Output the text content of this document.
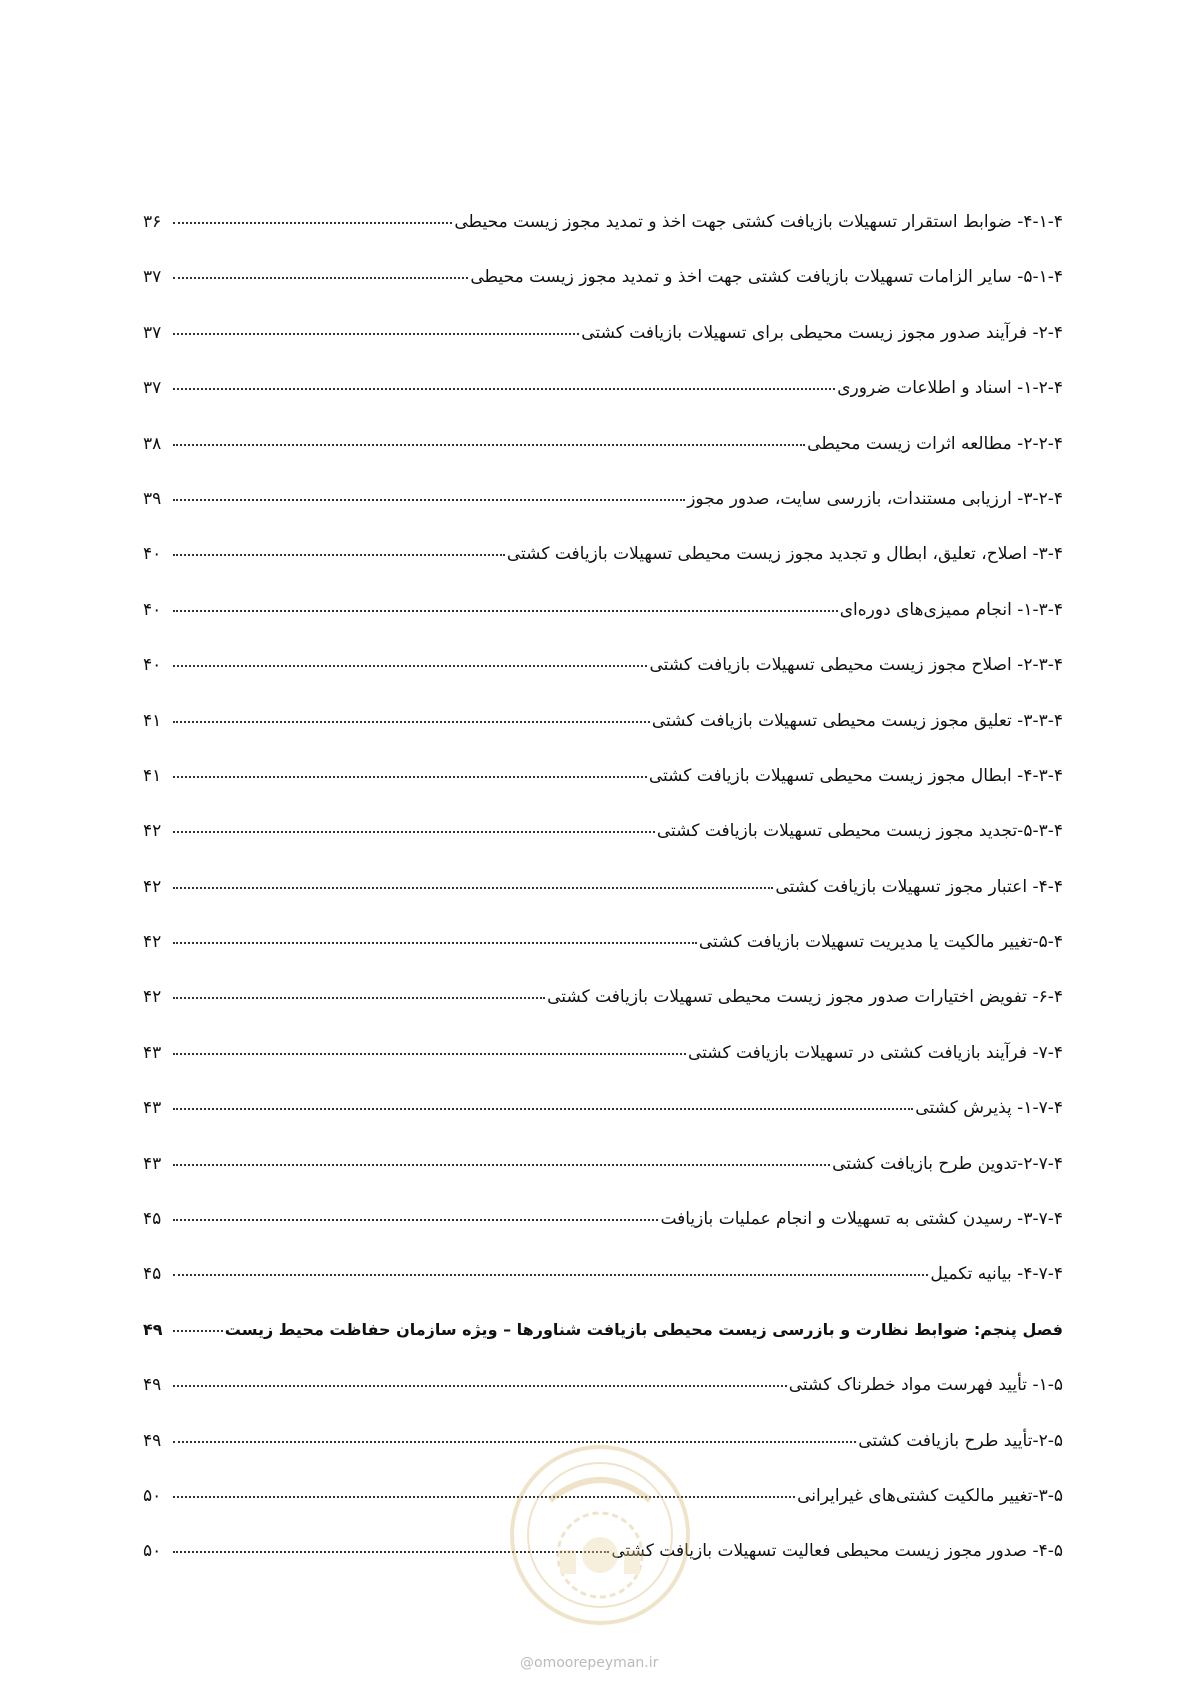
۴-۱-۴- ضوابط استقرار تسهیلات بازیافت کشتی جهت اخذ و تمدید مجوز زیست محیطی
۳۶
۵-۱-۴- سایر الزامات تسهیلات بازیافت کشتی جهت اخذ و تمدید مجوز زیست محیطی
۳۷
۲-۴- فرآیند صدور مجوز زیست محیطی برای تسهیلات بازیافت کشتی
۳۷
۱-۲-۴- اسناد و اطلاعات ضروری
۳۷
۲-۲-۴- مطالعه اثرات زیست محیطی
۳۸
۳-۲-۴- ارزیابی مستندات، بازرسی سایت، صدور مجوز
۳۹
۳-۴- اصلاح، تعلیق، ابطال و تجدید مجوز زیست محیطی تسهیلات بازیافت کشتی
۴۰
۱-۳-۴- انجام ممیزی‌های دوره‌ای
۴۰
۲-۳-۴- اصلاح مجوز زیست محیطی تسهیلات بازیافت کشتی
۴۰
۳-۳-۴- تعلیق مجوز زیست محیطی تسهیلات بازیافت کشتی
۴۱
۴-۳-۴- ابطال مجوز زیست محیطی تسهیلات بازیافت کشتی
۴۱
۵-۳-۴-تجدید مجوز زیست محیطی تسهیلات بازیافت کشتی
۴۲
۴-۴- اعتبار مجوز تسهیلات بازیافت کشتی
۴۲
۵-۴-تغییر مالکیت یا مدیریت تسهیلات بازیافت کشتی
۴۲
۶-۴- تفویض اختیارات صدور مجوز زیست محیطی تسهیلات بازیافت کشتی
۴۲
۷-۴- فرآیند بازیافت کشتی در تسهیلات بازیافت کشتی
۴۳
۱-۷-۴- پذیرش کشتی
۴۳
۲-۷-۴-تدوین طرح بازیافت کشتی
۴۳
۳-۷-۴- رسیدن کشتی به تسهیلات و انجام عملیات بازیافت
۴۵
۴-۷-۴- بیانیه تکمیل
۴۵
فصل پنجم: ضوابط نظارت و بازرسی زیست محیطی بازیافت شناورها – ویژه سازمان حفاظت محیط زیست
۴۹
۱-۵- تأیید فهرست مواد خطرناک کشتی
۴۹
۲-۵-تأیید طرح بازیافت کشتی
۴۹
۳-۵-تغییر مالکیت کشتی‌های غیرایرانی
۵۰
۴-۵- صدور مجوز زیست محیطی فعالیت تسهیلات بازیافت کشتی
۵۰
@omoorepeyman.ir
